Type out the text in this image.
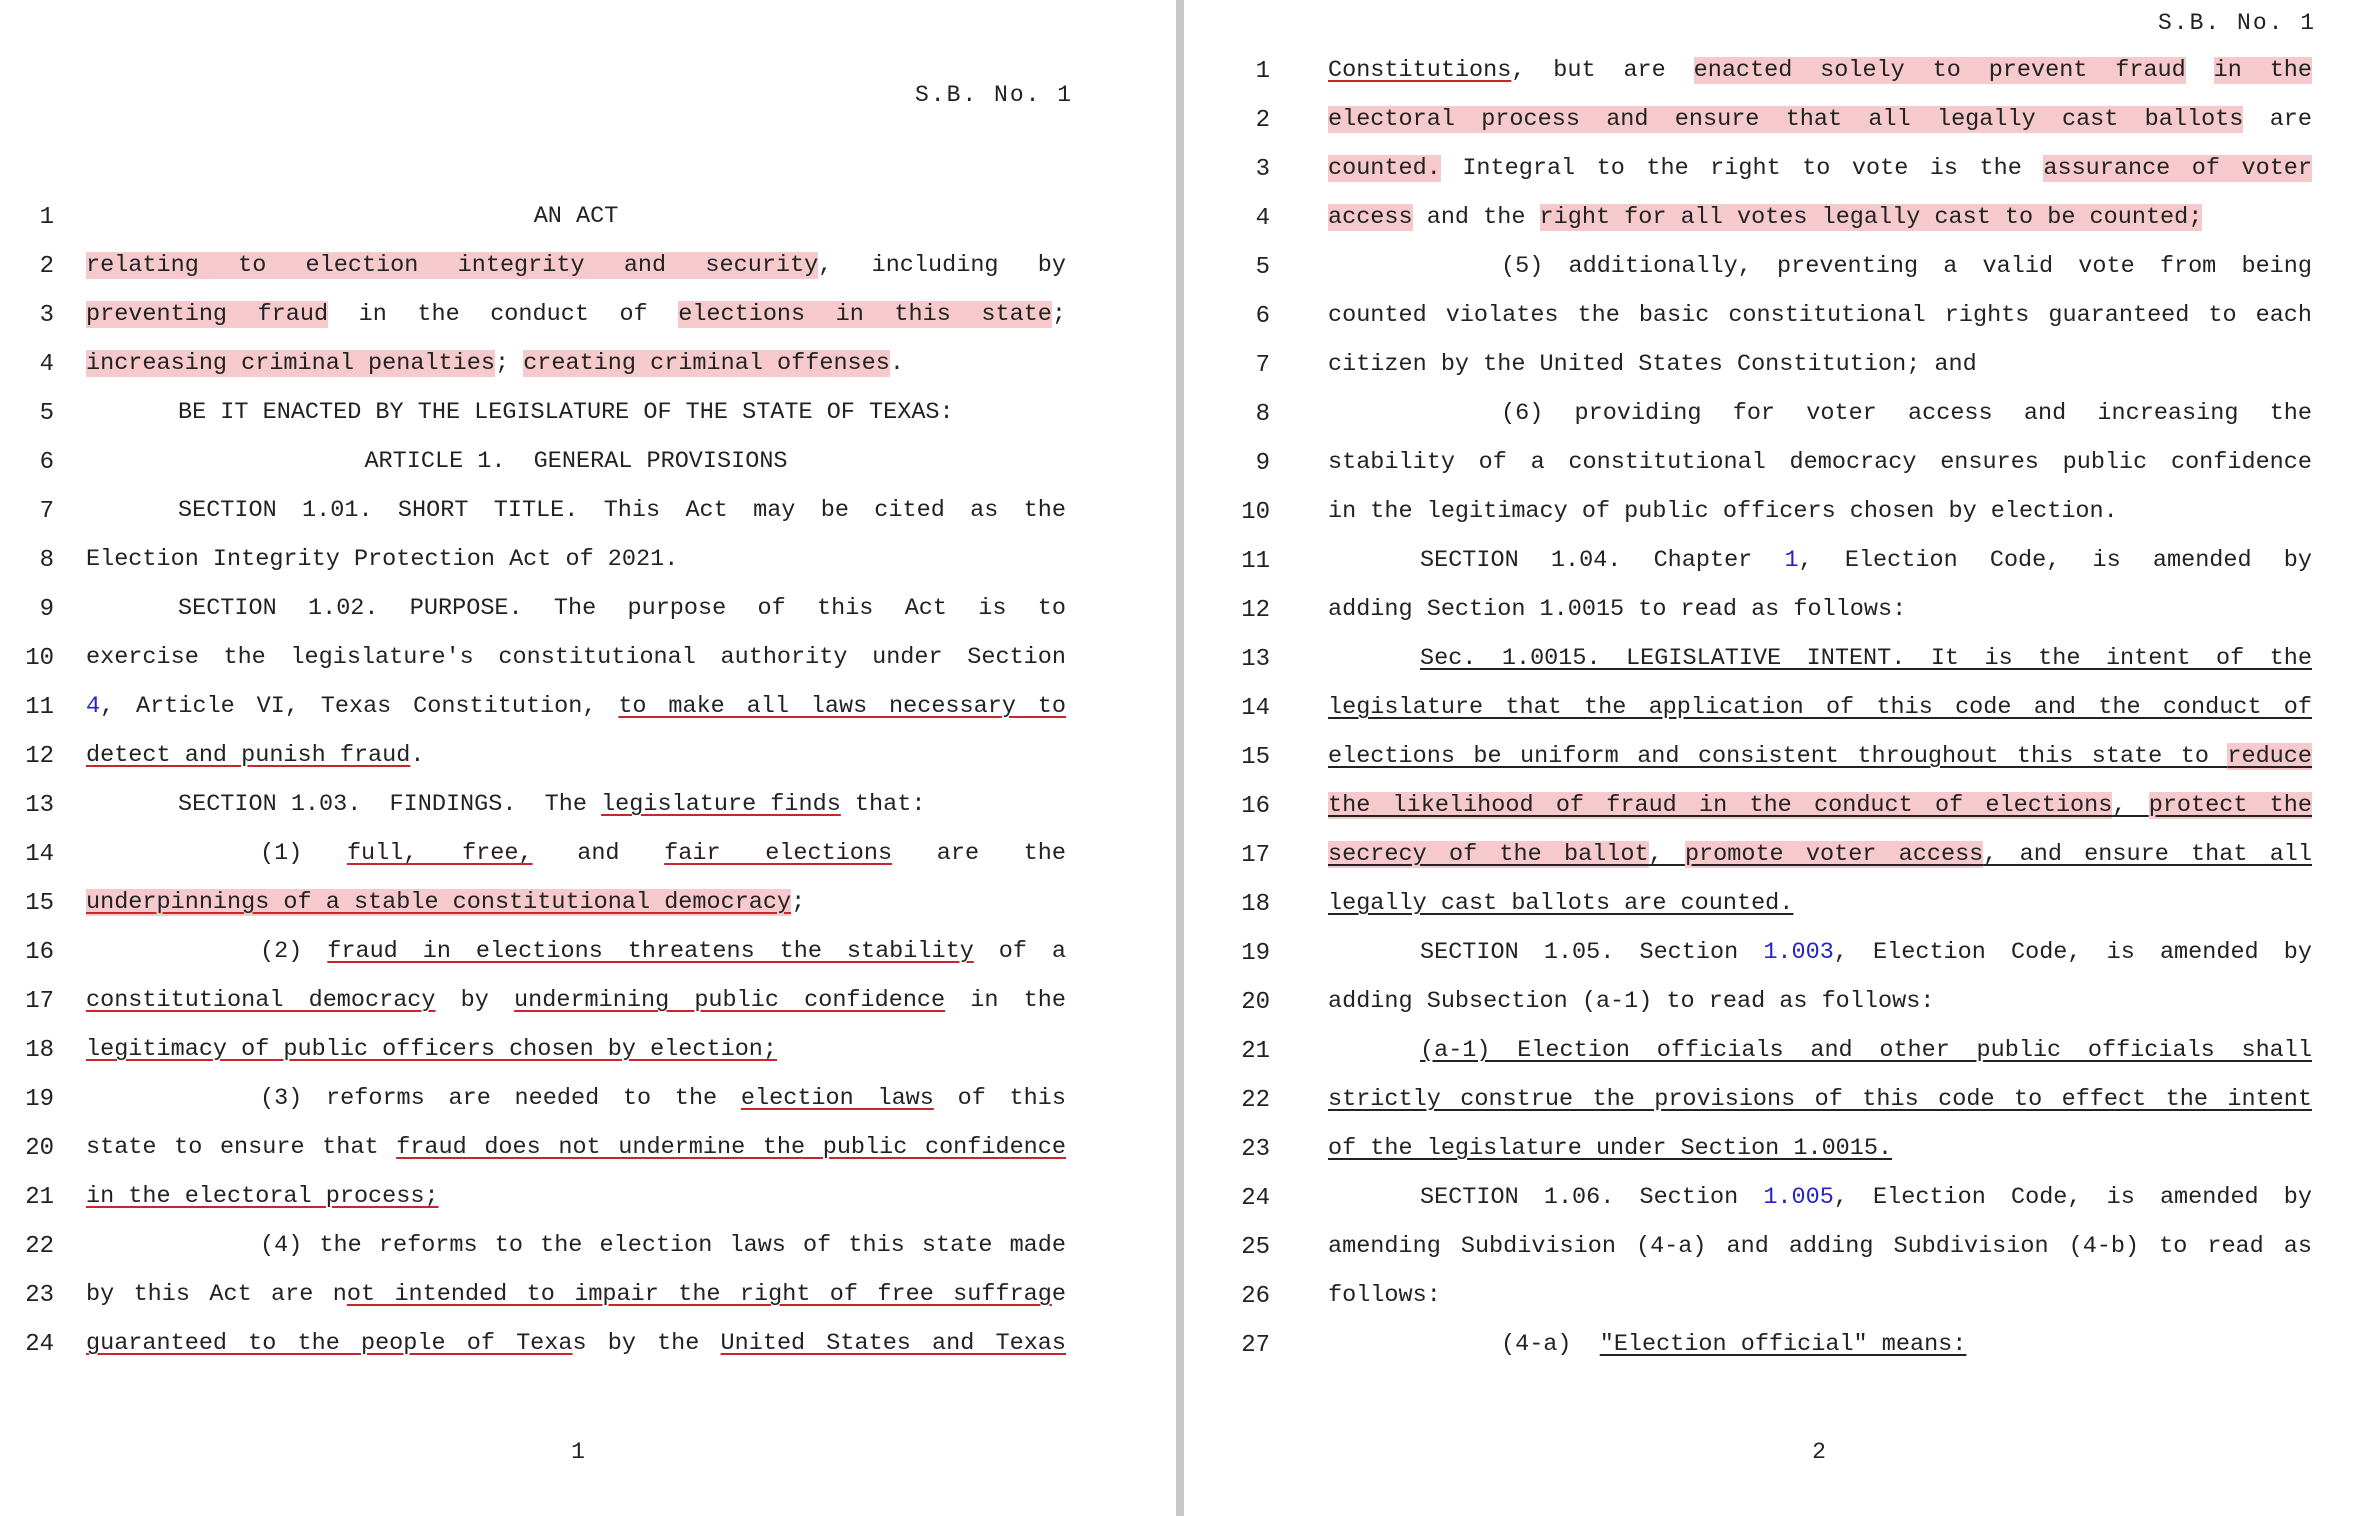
S.B. No. 1
1	AN ACT
2 relating to election integrity and security, including by
3 preventing fraud in the conduct of elections in this state;
4 increasing criminal penalties; creating criminal offenses.
5	BE IT ENACTED BY THE LEGISLATURE OF THE STATE OF TEXAS:
6	ARTICLE 1.  GENERAL PROVISIONS
7	SECTION 1.01. SHORT TITLE. This Act may be cited as the
8 Election Integrity Protection Act of 2021.
9	SECTION 1.02. PURPOSE. The purpose of this Act is to
10 exercise the legislature's constitutional authority under Section
11 4, Article VI, Texas Constitution, to make all laws necessary to
12 detect and punish fraud.
13	SECTION 1.03.  FINDINGS.  The legislature finds that:
14	(1) full, free, and fair elections are the
15 underpinnings of a stable constitutional democracy;
16	(2) fraud in elections threatens the stability of a
17 constitutional democracy by undermining public confidence in the
18 legitimacy of public officers chosen by election;
19	(3) reforms are needed to the election laws of this
20 state to ensure that fraud does not undermine the public confidence
21 in the electoral process;
22	(4) the reforms to the election laws of this state made
23 by this Act are not intended to impair the right of free suffrage
24 guaranteed to the people of Texas by the United States and Texas
1
S.B. No. 1
1 Constitutions, but are enacted solely to prevent fraud in the
2 electoral process and ensure that all legally cast ballots are
3 counted. Integral to the right to vote is the assurance of voter
4 access and the right for all votes legally cast to be counted;
5	(5) additionally, preventing a valid vote from being
6 counted violates the basic constitutional rights guaranteed to each
7 citizen by the United States Constitution; and
8	(6) providing for voter access and increasing the
9 stability of a constitutional democracy ensures public confidence
10 in the legitimacy of public officers chosen by election.
11	SECTION 1.04. Chapter 1, Election Code, is amended by
12 adding Section 1.0015 to read as follows:
13	Sec. 1.0015. LEGISLATIVE INTENT. It is the intent of the
14 legislature that the application of this code and the conduct of
15 elections be uniform and consistent throughout this state to reduce
16 the likelihood of fraud in the conduct of elections, protect the
17 secrecy of the ballot, promote voter access, and ensure that all
18 legally cast ballots are counted.
19	SECTION 1.05. Section 1.003, Election Code, is amended by
20 adding Subsection (a-1) to read as follows:
21	(a-1) Election officials and other public officials shall
22 strictly construe the provisions of this code to effect the intent
23 of the legislature under Section 1.0015.
24	SECTION 1.06. Section 1.005, Election Code, is amended by
25 amending Subdivision (4-a) and adding Subdivision (4-b) to read as
26 follows:
27	(4-a)  "Election official" means:
2
